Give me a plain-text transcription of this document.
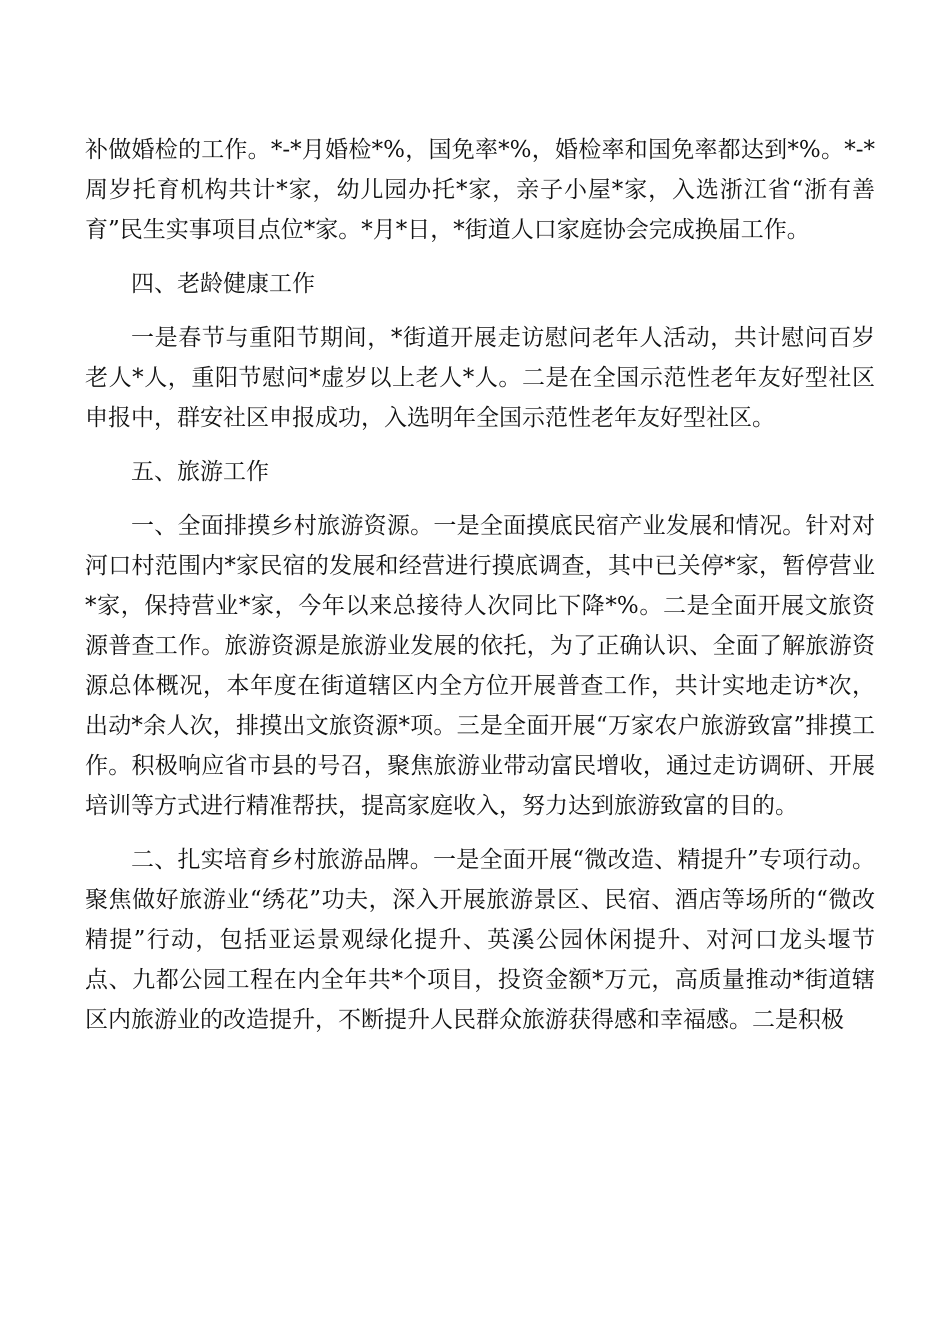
补做婚检的工作。*-*月婚检*%，国免率*%，婚检率和国免率都达到*%。*-*周岁托育机构共计*家，幼儿园办托*家，亲子小屋*家，入选浙江省“浙有善育”民生实事项目点位*家。*月*日，*街道人口家庭协会完成换届工作。

四、老龄健康工作

一是春节与重阳节期间，*街道开展走访慰问老年人活动，共计慰问百岁老人*人，重阳节慰问*虚岁以上老人*人。二是在全国示范性老年友好型社区申报中，群安社区申报成功，入选明年全国示范性老年友好型社区。

五、旅游工作

一、全面排摸乡村旅游资源。一是全面摸底民宿产业发展和情况。针对对河口村范围内*家民宿的发展和经营进行摸底调查，其中已关停*家，暂停营业*家，保持营业*家，今年以来总接待人次同比下降*%。二是全面开展文旅资源普查工作。旅游资源是旅游业发展的依托，为了正确认识、全面了解旅游资源总体概况，本年度在街道辖区内全方位开展普查工作，共计实地走访*次，出动*余人次，排摸出文旅资源*项。三是全面开展“万家农户旅游致富”排摸工作。积极响应省市县的号召，聚焦旅游业带动富民增收，通过走访调研、开展培训等方式进行精准帮扶，提高家庭收入，努力达到旅游致富的目的。

二、扎实培育乡村旅游品牌。一是全面开展“微改造、精提升”专项行动。聚焦做好旅游业“绣花”功夫，深入开展旅游景区、民宿、酒店等场所的“微改精提”行动，包括亚运景观绿化提升、英溪公园休闲提升、对河口龙头堰节点、九都公园工程在内全年共*个项目，投资金额*万元，高质量推动*街道辖区内旅游业的改造提升，不断提升人民群众旅游获得感和幸福感。二是积极
